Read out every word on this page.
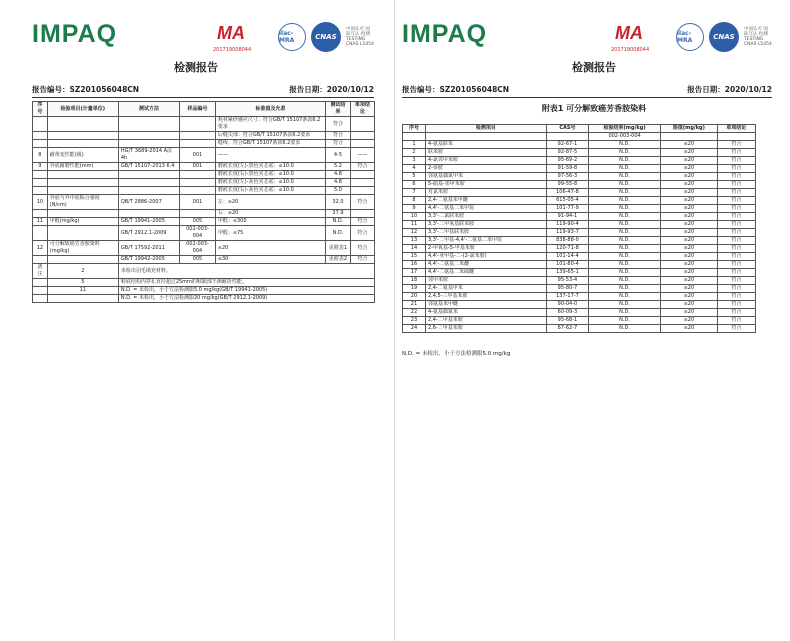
IMPAQ	MA
201719008044
ilac-MRA	CNAS
中国认可 国际互认 检测 TESTING CNAS L5454
检测报告
报告编号：SZ201056048CN	报告日期：2020/10/12
序号	检验项目(计量单位)	测试方法	样品编号	标准值及允差	测试结果	单项结论
				耗材紧纱感应尺寸：符合GB/T 15107条款6.2要求	符合	
				后缝尖部：符合GB/T 15107条款6.2要求	符合	
				缝线：符合GB/T 15107条款6.2要求	符合	
8	耐黄变性能(级)	HG/T 3689-2014 A法 4h	001	——	4-5	——
9	外底耐磨性能(mm)	GB/T 15107-2013 6.4	001	磨痕长度(左)-黑色实芯底：≤10.0	5.2	符合
				磨痕长度(右)-黑色实芯底：≤10.0	4.8	
				磨痕长度(左)-灰色实芯底：≤10.0	4.8	
				磨痕长度(右)-灰色实芯底：≤10.0	5.0	
10	外底与外中底粘合强度(N/cm)	QB/T 2886-2007	001	左：≥20	32.0	符合
				右：≥20	37.9	
11	甲醛(mg/kg)	GB/T 19941-2005	005	甲醛：≤300	N.D.	符合
		GB/T 2912.1-2009	002-003-004	甲醛：≤75	N.D.	符合
12	可分解致癌芳香胺染料(mg/kg)	GB/T 17592-2011	002-003-004	≤20	见附表1	符合
		GB/T 19942-2005	005	≤30	见附表2	符合
备注	2	未检出羽毛填充材料。				
	5	鞋底结构内穿孔直径超过25mm的鞋跟部不测耐折性能。				
	11	N.D. = 未检出，小于方法检测限5.0 mg/kg(GB/T 19941-2005)				
		N.D. = 未检出，小于方法检测限20 mg/kg(GB/T 2912.1-2009)				
IMPAQ	MA
201719008044
ilac-MRA	CNAS
中国认可 国际互认 检测 TESTING CNAS L5454
检测报告
报告编号：SZ201056048CN	报告日期：2020/10/12
附表1 可分解致癌芳香胺染料
序号	检测项目	CAS号	检验结果(mg/kg)	限值(mg/kg)	单项结论
			002-003-004		
1	4-氨基联苯	92-67-1	N.D.	≤20	符合
2	联苯胺	92-87-5	N.D.	≤20	符合
3	4-氯邻甲苯胺	95-69-2	N.D.	≤20	符合
4	2-萘胺	91-59-8	N.D.	≤20	符合
5	邻氨基偶氮甲苯	97-56-3	N.D.	≤20	符合
6	5-硝基-邻甲苯胺	99-55-8	N.D.	≤20	符合
7	对氯苯胺	106-47-8	N.D.	≤20	符合
8	2,4-二氨基苯甲醚	615-05-4	N.D.	≤20	符合
9	4,4'-二氨基二苯甲烷	101-77-9	N.D.	≤20	符合
10	3,3'-二氯联苯胺	91-94-1	N.D.	≤20	符合
11	3,3'-二甲氧基联苯胺	119-90-4	N.D.	≤20	符合
12	3,3'-二甲基联苯胺	119-93-7	N.D.	≤20	符合
13	3,3'-二甲基-4,4'-二氨基二苯甲烷	838-88-0	N.D.	≤20	符合
14	2-甲氧基-5-甲基苯胺	120-71-8	N.D.	≤20	符合
15	4,4'-亚甲基-二-(2-氯苯胺)	101-14-4	N.D.	≤20	符合
16	4,4'-二氨基二苯醚	101-80-4	N.D.	≤20	符合
17	4,4'-二氨基二苯硫醚	139-65-1	N.D.	≤20	符合
18	邻甲苯胺	95-53-4	N.D.	≤20	符合
19	2,4-二氨基甲苯	95-80-7	N.D.	≤20	符合
20	2,4,5-三甲基苯胺	137-17-7	N.D.	≤20	符合
21	邻氨基苯甲醚	90-04-0	N.D.	≤20	符合
22	4-氨基偶氮苯	60-09-3	N.D.	≤20	符合
23	2,4-二甲基苯胺	95-68-1	N.D.	≤20	符合
24	2,6-二甲基苯胺	87-62-7	N.D.	≤20	符合
N.D. = 未检出，小于方法检测限5.0 mg/kg
